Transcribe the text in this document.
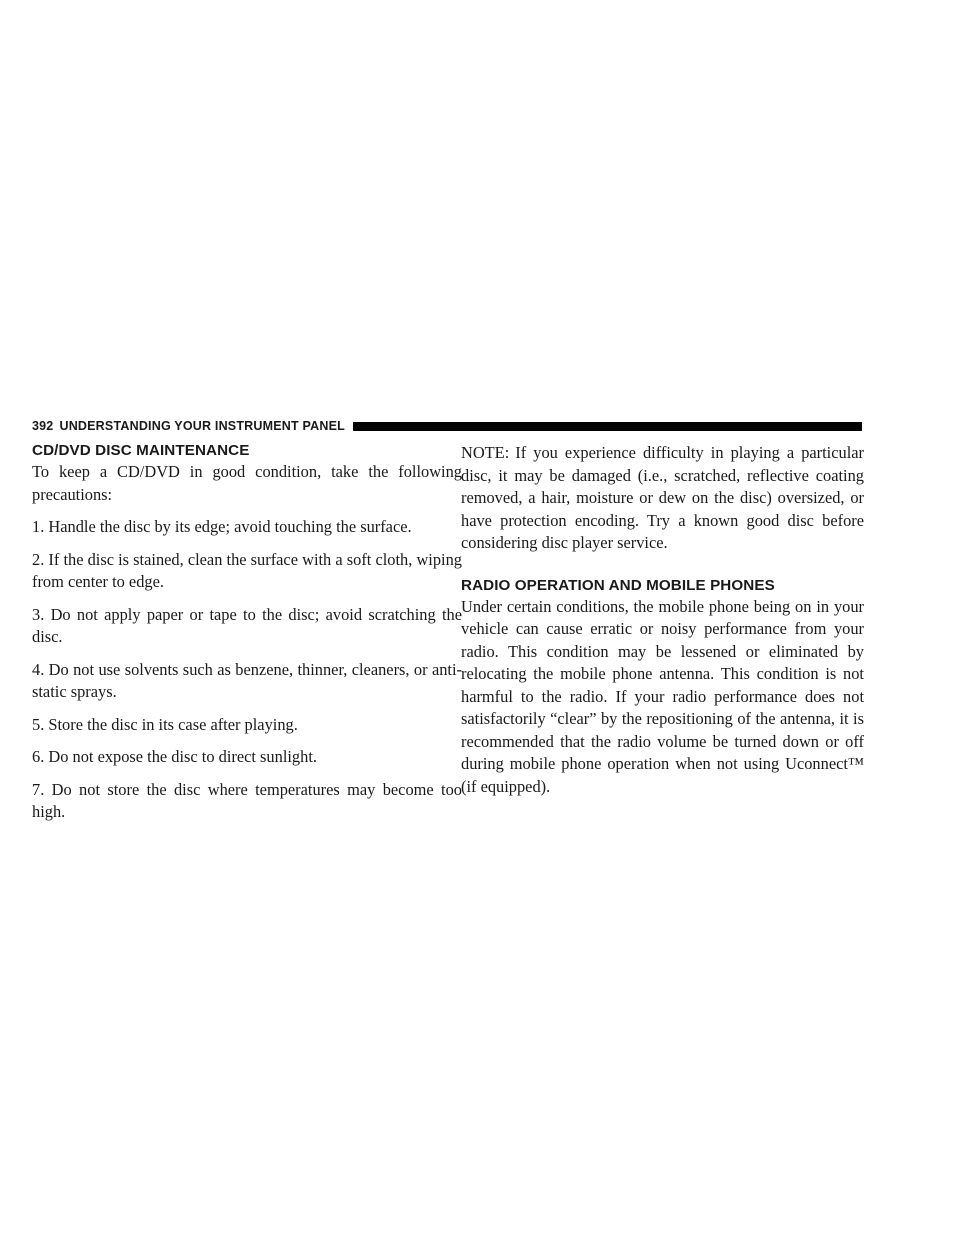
392 UNDERSTANDING YOUR INSTRUMENT PANEL
CD/DVD DISC MAINTENANCE

To keep a CD/DVD in good condition, take the following precautions:

1. Handle the disc by its edge; avoid touching the surface.

2. If the disc is stained, clean the surface with a soft cloth, wiping from center to edge.

3. Do not apply paper or tape to the disc; avoid scratching the disc.

4. Do not use solvents such as benzene, thinner, cleaners, or anti-static sprays.

5. Store the disc in its case after playing.

6. Do not expose the disc to direct sunlight.

7. Do not store the disc where temperatures may become too high.

NOTE: If you experience difficulty in playing a particular disc, it may be damaged (i.e., scratched, reflective coating removed, a hair, moisture or dew on the disc) oversized, or have protection encoding. Try a known good disc before considering disc player service.

RADIO OPERATION AND MOBILE PHONES

Under certain conditions, the mobile phone being on in your vehicle can cause erratic or noisy performance from your radio. This condition may be lessened or eliminated by relocating the mobile phone antenna. This condition is not harmful to the radio. If your radio performance does not satisfactorily “clear” by the repositioning of the antenna, it is recommended that the radio volume be turned down or off during mobile phone operation when not using Uconnect™ (if equipped).
